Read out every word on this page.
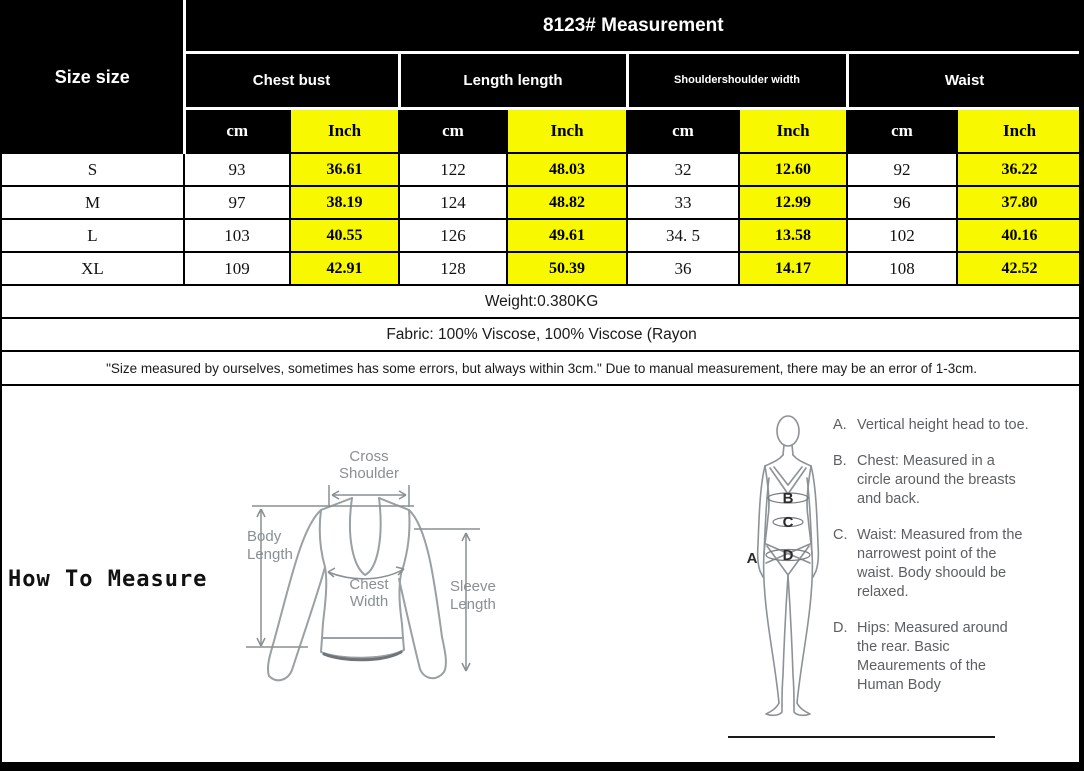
Size size	8123# Measurement							
	Chest bust		Length length		Shouldershoulder width		Waist	
	cm	Inch	cm	Inch	cm	Inch	cm	Inch
S	93	36.61	122	48.03	32	12.60	92	36.22
M	97	38.19	124	48.82	33	12.99	96	37.80
L	103	40.55	126	49.61	34. 5	13.58	102	40.16
XL	109	42.91	128	50.39	36	14.17	108	42.52
Weight:0.380KG								
Fabric: 100% Viscose, 100% Viscose (Rayon								
"Size measured by ourselves, sometimes has some errors, but always within 3cm." Due to manual measurement, there may be an error of 1-3cm.								
How To Measure
Cross
Shoulder
Body
Length
Chest
Width
Sleeve
Length
A
B
C
D
A. Vertical height head to toe.
B. Chest: Measured in a circle around the breasts and back.
C. Waist: Measured from the narrowest point of the waist. Body shoould be relaxed.
D. Hips: Measured around the rear. Basic Meaurements of the Human Body
